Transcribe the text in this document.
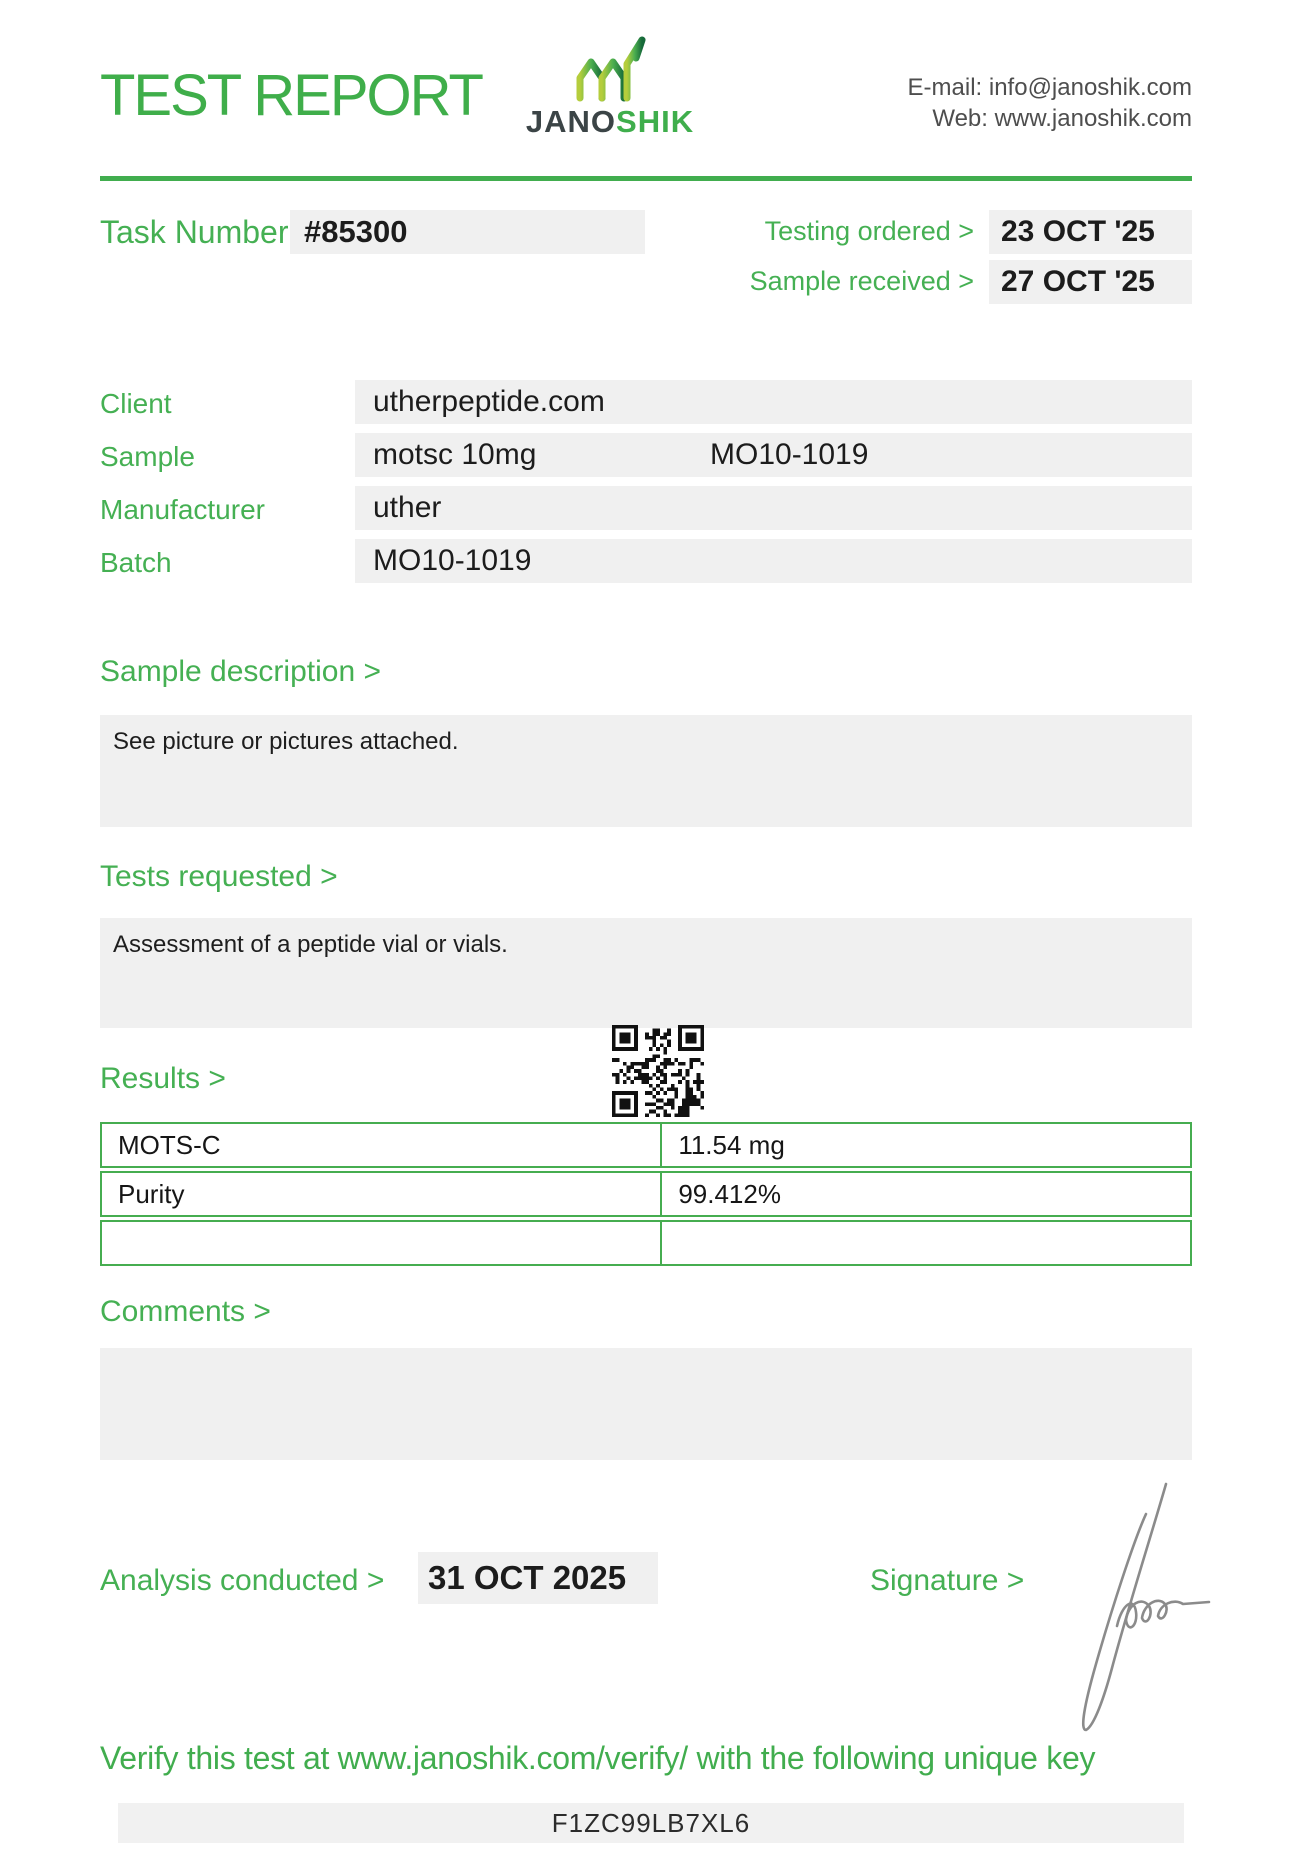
TEST REPORT	JANOSHIK
E-mail: info@janoshik.com
Web: www.janoshik.com
Task Number #85300	Testing ordered > 23 OCT '25
Sample received > 27 OCT '25
Client	utherpeptide.com
Sample	motsc 10mg	MO10-1019
Manufacturer	uther
Batch	MO10-1019
Sample description >
See picture or pictures attached.
Tests requested >
Assessment of a peptide vial or vials.
Results >
MOTS-C	11.54 mg
Purity	99.412%
Comments >
Analysis conducted >	31 OCT 2025	Signature >
Verify this test at www.janoshik.com/verify/ with the following unique key
F1ZC99LB7XL6
